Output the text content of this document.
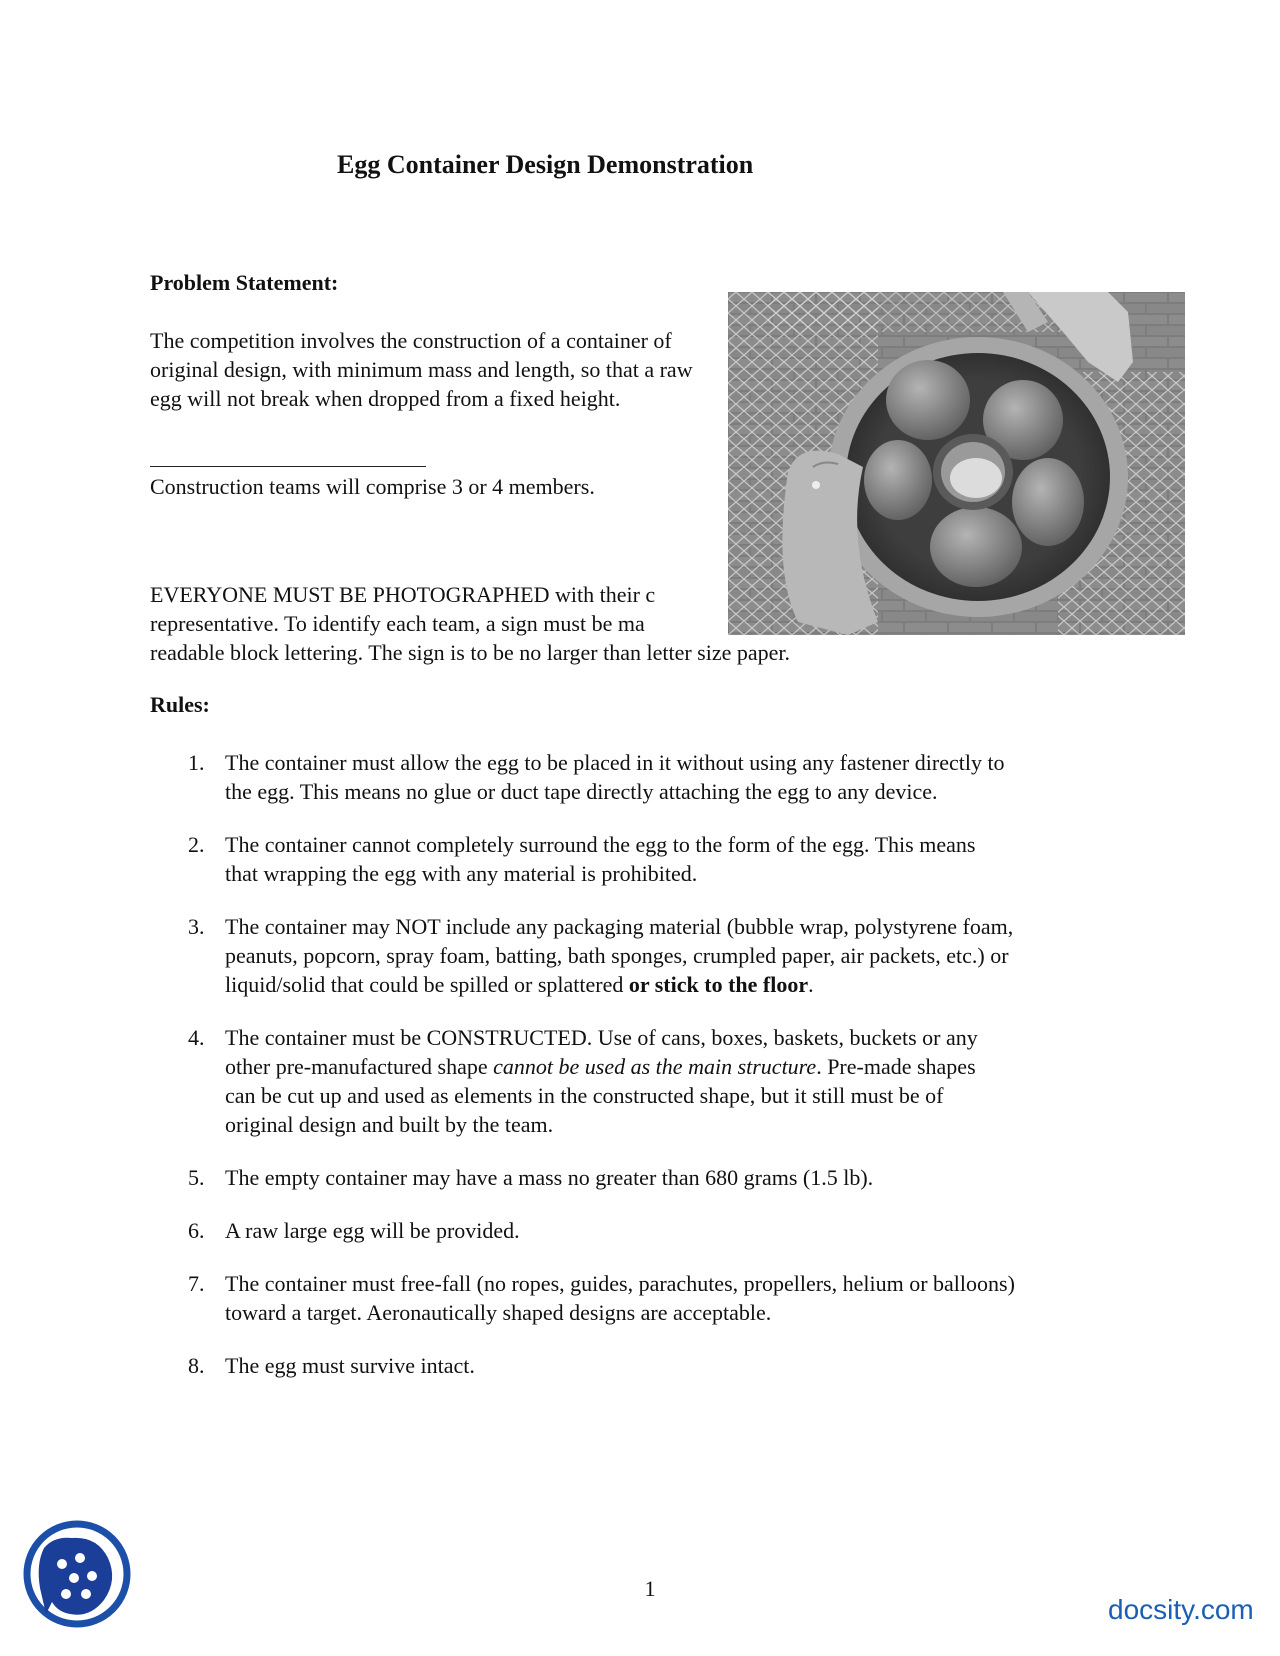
Egg Container Design Demonstration
Problem Statement:
The competition involves the construction of a container of original design, with minimum mass and length, so that a raw egg will not break when dropped from a fixed height.
Construction teams will comprise 3 or 4 members.
EVERYONE MUST BE PHOTOGRAPHED with their c
representative. To identify each team, a sign must be ma
readable block lettering. The sign is to be no larger than letter size paper.
Rules:
1. The container must allow the egg to be placed in it without using any fastener directly to
the egg. This means no glue or duct tape directly attaching the egg to any device.
2. The container cannot completely surround the egg to the form of the egg. This means
that wrapping the egg with any material is prohibited.
3. The container may NOT include any packaging material (bubble wrap, polystyrene foam,
peanuts, popcorn, spray foam, batting, bath sponges, crumpled paper, air packets, etc.) or
liquid/solid that could be spilled or splattered or stick to the floor.
4. The container must be CONSTRUCTED. Use of cans, boxes, baskets, buckets or any
other pre-manufactured shape cannot be used as the main structure. Pre-made shapes
can be cut up and used as elements in the constructed shape, but it still must be of
original design and built by the team.
5. The empty container may have a mass no greater than 680 grams (1.5 lb).
6. A raw large egg will be provided.
7. The container must free-fall (no ropes, guides, parachutes, propellers, helium or balloons)
toward a target. Aeronautically shaped designs are acceptable.
8. The egg must survive intact.
1
docsity.com
